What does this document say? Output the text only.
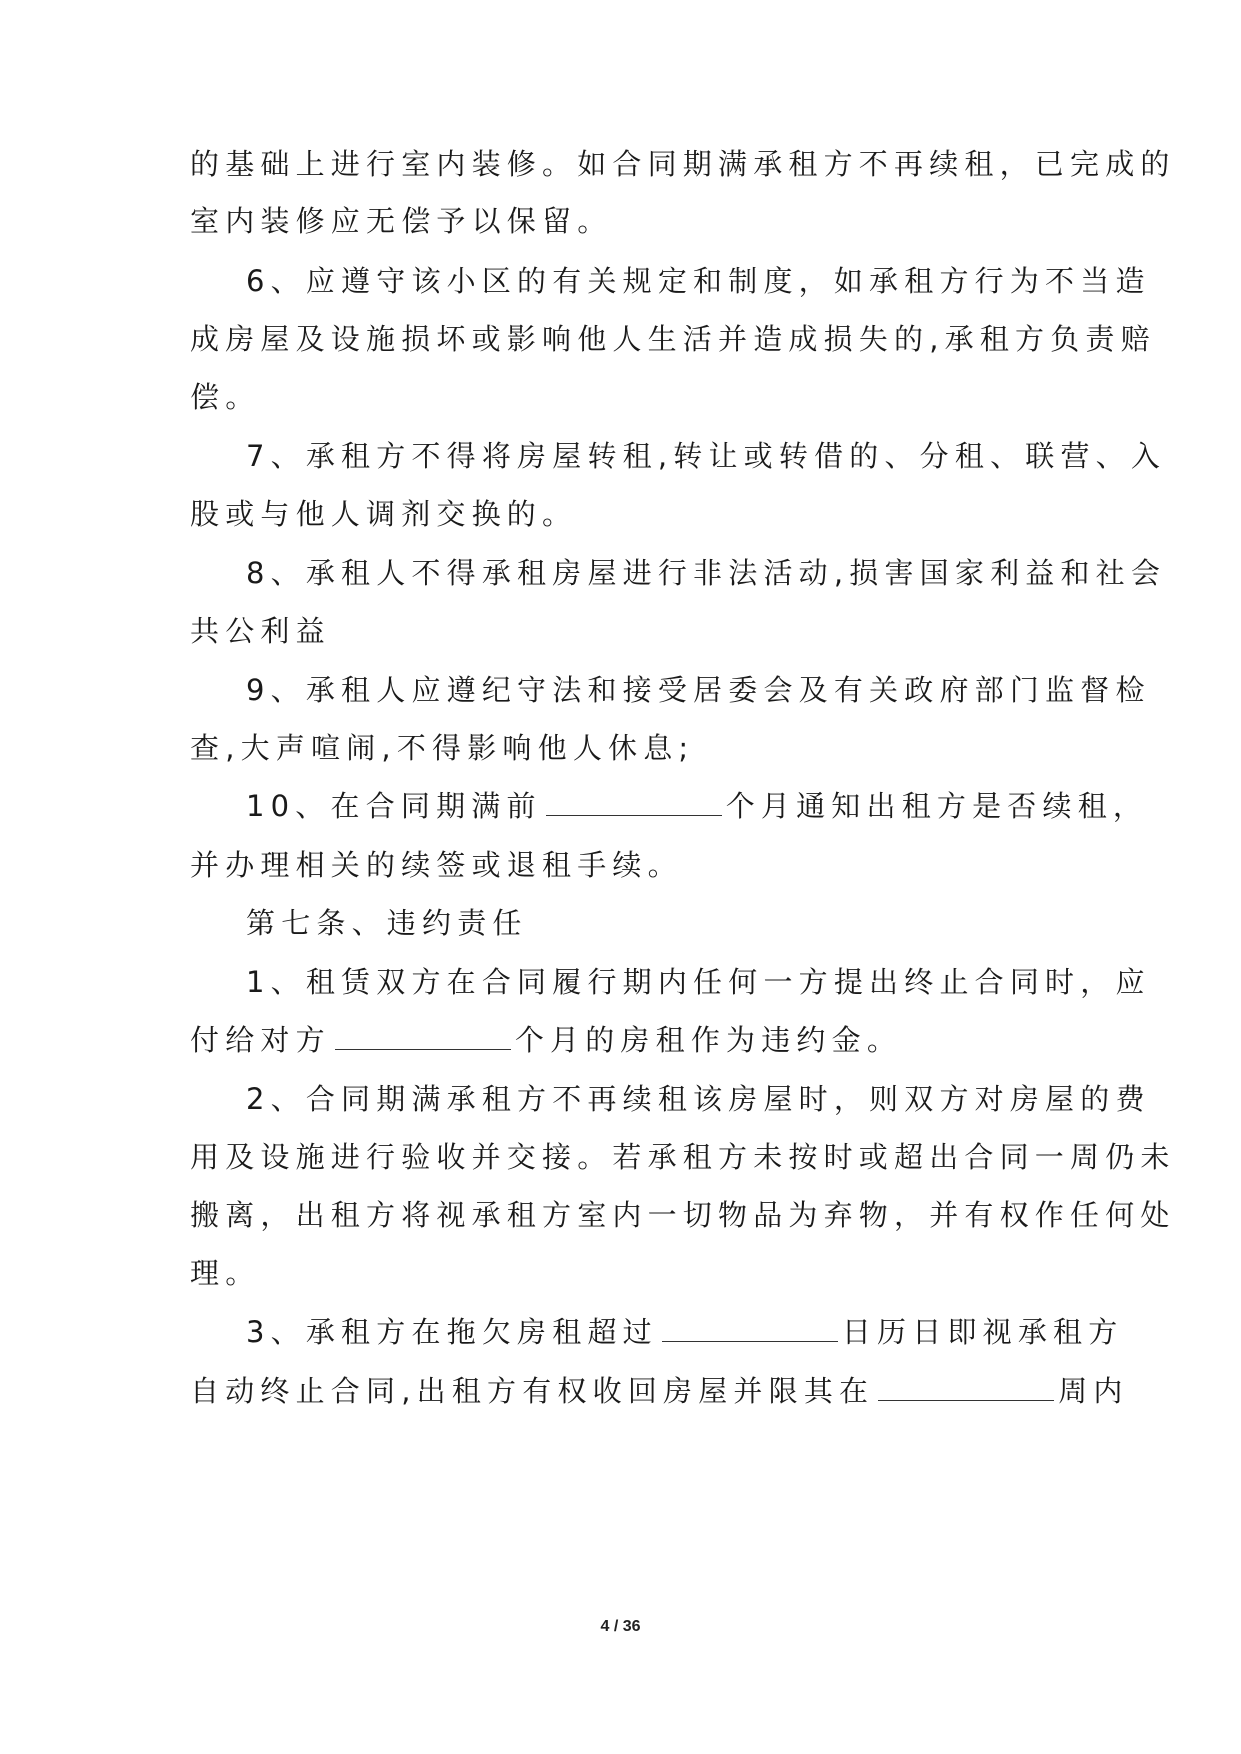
的基础上进行室内装修。如合同期满承租方不再续租，已完成的
室内装修应无偿予以保留。
6、应遵守该小区的有关规定和制度，如承租方行为不当造
成房屋及设施损坏或影响他人生活并造成损失的,承租方负责赔
偿。
7、承租方不得将房屋转租,转让或转借的、分租、联营、入
股或与他人调剂交换的。
8、承租人不得承租房屋进行非法活动,损害国家利益和社会
共公利益
9、承租人应遵纪守法和接受居委会及有关政府部门监督检
查,大声喧闹,不得影响他人休息;
10、在合同期满前	个月通知出租方是否续租，
并办理相关的续签或退租手续。
第七条、违约责任
1、租赁双方在合同履行期内任何一方提出终止合同时，应
付给对方	个月的房租作为违约金。
2、合同期满承租方不再续租该房屋时，则双方对房屋的费
用及设施进行验收并交接。若承租方未按时或超出合同一周仍未
搬离，出租方将视承租方室内一切物品为弃物，并有权作任何处
理。
3、承租方在拖欠房租超过	日历日即视承租方
自动终止合同,出租方有权收回房屋并限其在	周内
4 / 36
